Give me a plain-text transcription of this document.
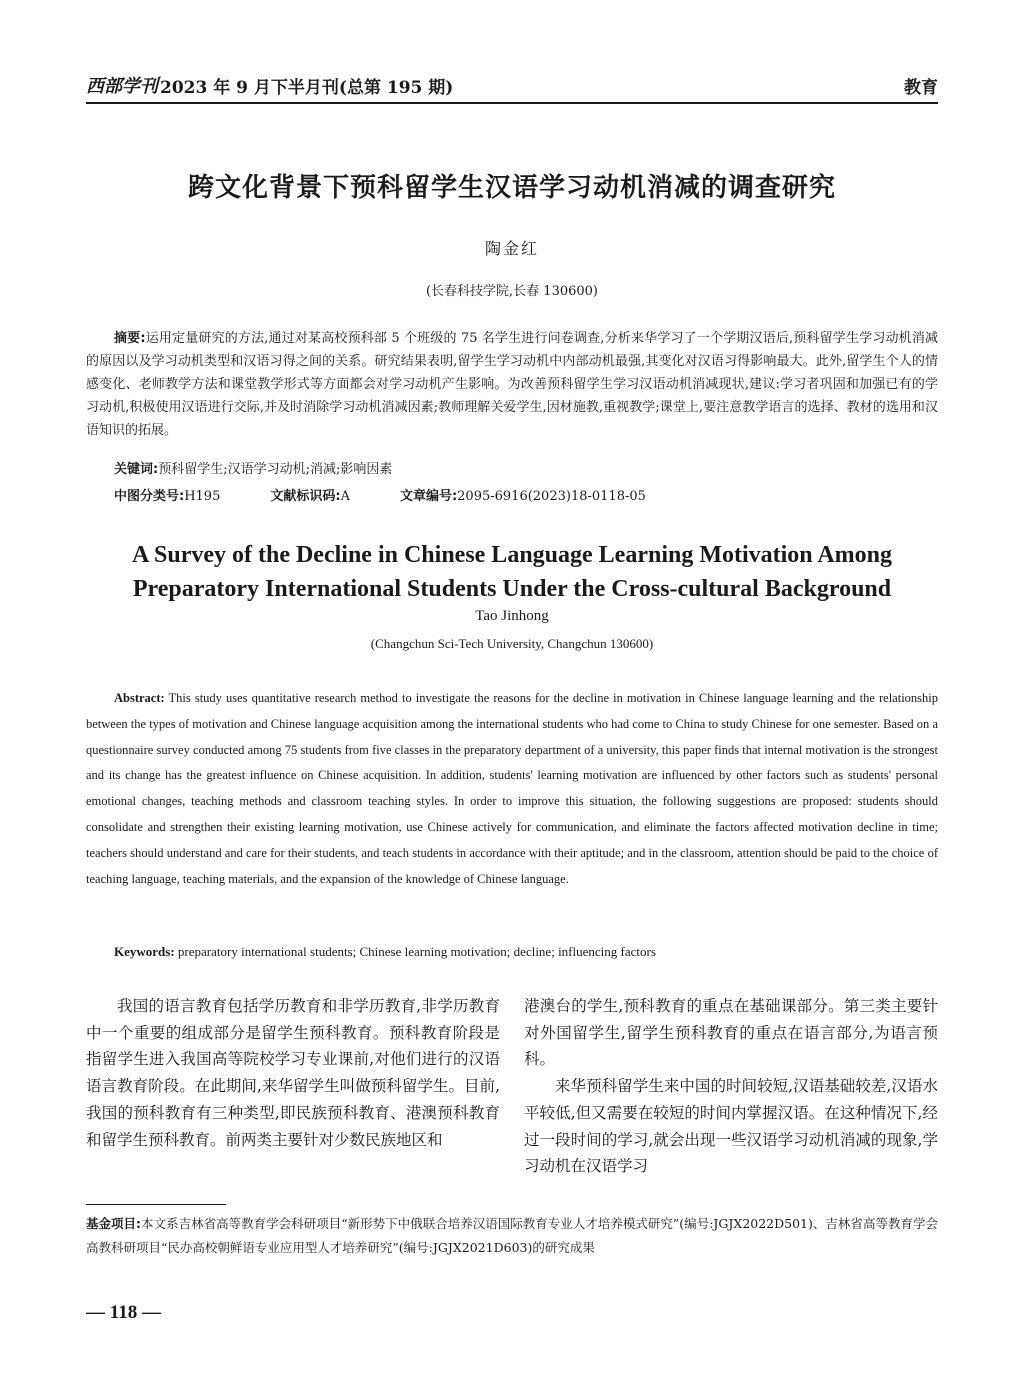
西部学刊 2023 年 9 月下半月刊(总第 195 期)	教育
跨文化背景下预科留学生汉语学习动机消减的调查研究
陶金红
(长春科技学院,长春 130600)
摘要:运用定量研究的方法,通过对某高校预科部 5 个班级的 75 名学生进行问卷调查,分析来华学习了一个学期汉语后,预科留学生学习动机消减的原因以及学习动机类型和汉语习得之间的关系。研究结果表明,留学生学习动机中内部动机最强,其变化对汉语习得影响最大。此外,留学生个人的情感变化、老师教学方法和课堂教学形式等方面都会对学习动机产生影响。为改善预科留学生学习汉语动机消减现状,建议:学习者巩固和加强已有的学习动机,积极使用汉语进行交际,并及时消除学习动机消减因素;教师理解关爱学生,因材施教,重视教学;课堂上,要注意教学语言的选择、教材的选用和汉语知识的拓展。
关键词:预科留学生;汉语学习动机;消减;影响因素
中图分类号:H195	文献标识码:A	文章编号:2095-6916(2023)18-0118-05
A Survey of the Decline in Chinese Language Learning Motivation Among Preparatory International Students Under the Cross-cultural Background
Tao Jinhong
(Changchun Sci-Tech University, Changchun 130600)
Abstract: This study uses quantitative research method to investigate the reasons for the decline in motivation in Chinese language learning and the relationship between the types of motivation and Chinese language acquisition among the international students who had come to China to study Chinese for one semester. Based on a questionnaire survey conducted among 75 students from five classes in the preparatory department of a university, this paper finds that internal motivation is the strongest and its change has the greatest influence on Chinese acquisition. In addition, students' learning motivation are influenced by other factors such as students' personal emotional changes, teaching methods and classroom teaching styles. In order to improve this situation, the following suggestions are proposed: students should consolidate and strengthen their existing learning motivation, use Chinese actively for communication, and eliminate the factors affected motivation decline in time; teachers should understand and care for their students, and teach students in accordance with their aptitude; and in the classroom, attention should be paid to the choice of teaching language, teaching materials, and the expansion of the knowledge of Chinese language.
Keywords: preparatory international students; Chinese learning motivation; decline; influencing factors

我国的语言教育包括学历教育和非学历教育,非学历教育中一个重要的组成部分是留学生预科教育。预科教育阶段是指留学生进入我国高等院校学习专业课前,对他们进行的汉语语言教育阶段。在此期间,来华留学生叫做预科留学生。目前,我国的预科教育有三种类型,即民族预科教育、港澳预科教育和留学生预科教育。前两类主要针对少数民族地区和

港澳台的学生,预科教育的重点在基础课部分。第三类主要针对外国留学生,留学生预科教育的重点在语言部分,为语言预科。

来华预科留学生来中国的时间较短,汉语基础较差,汉语水平较低,但又需要在较短的时间内掌握汉语。在这种情况下,经过一段时间的学习,就会出现一些汉语学习动机消减的现象,学习动机在汉语学习

基金项目:本文系吉林省高等教育学会科研项目“新形势下中俄联合培养汉语国际教育专业人才培养模式研究”(编号:JGJX2022D501)、吉林省高等教育学会高教科研项目“民办高校朝鲜语专业应用型人才培养研究”(编号:JGJX2021D603)的研究成果
— 118 —
